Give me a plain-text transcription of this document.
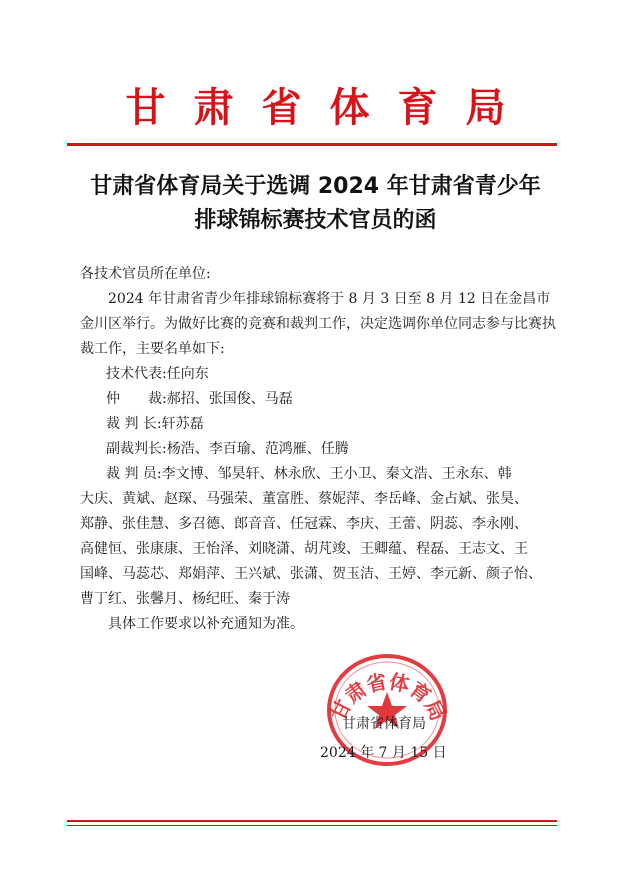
甘肃省体育局
甘肃省体育局关于选调 2024 年甘肃省青少年
排球锦标赛技术官员的函

各技术官员所在单位:

2024 年甘肃省青少年排球锦标赛将于 8 月 3 日至 8 月 12 日在金昌市金川区举行。为做好比赛的竞赛和裁判工作，决定选调你单位同志参与比赛执裁工作，主要名单如下:

技术代表:任向东

仲　　裁:郝招、张国俊、马磊

裁 判 长:轩苏磊

副裁判长:杨浩、李百瑜、范鸿雁、任腾

裁 判 员:李文博、邹昊轩、林永欣、王小卫、秦文浩、王永东、韩

大庆、黄斌、赵琛、马强荣、董富胜、蔡妮萍、李岳峰、金占斌、张昊、

郑静、张佳慧、多召德、郎音音、任冠霖、李庆、王蕾、阴蕊、李永刚、

高健恒、张康康、王怡泽、刘晓潇、胡芃竣、王卿蕴、程磊、王志文、王

国峰、马蕊芯、郑娟萍、王兴斌、张潇、贺玉洁、王婷、李元新、颜子怡、

曹丁红、张馨月、杨纪旺、秦于涛

具体工作要求以补充通知为准。

甘肃省体育局
甘肃省体育局
2024 年 7 月 15 日
